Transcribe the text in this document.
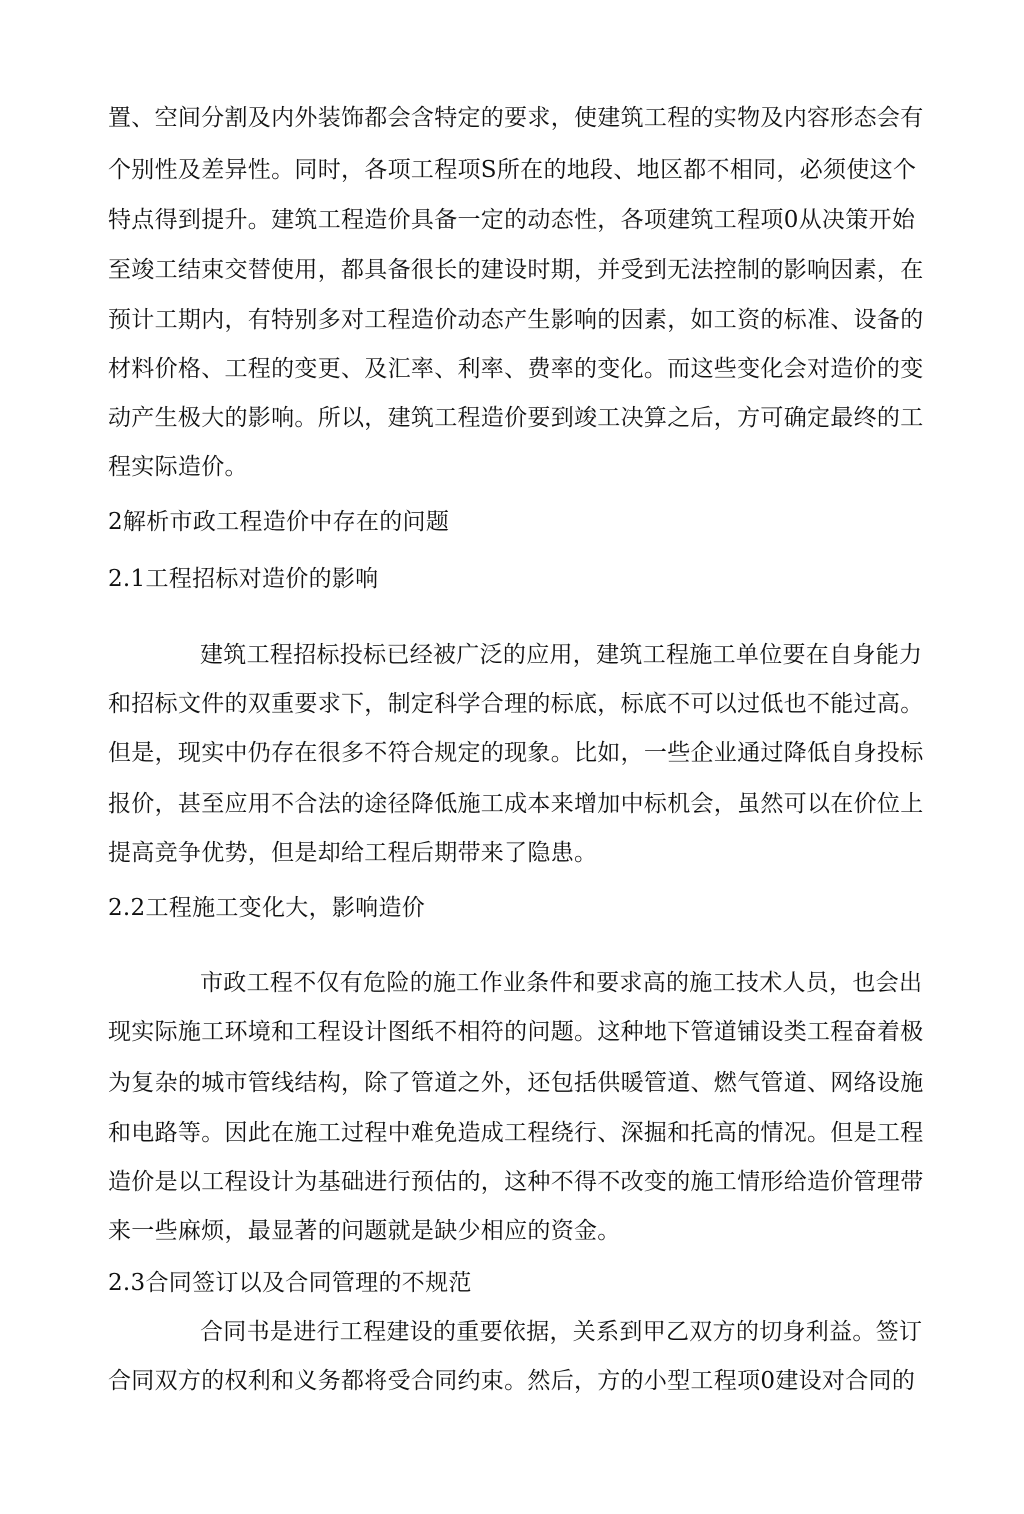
置、空间分割及内外装饰都会含特定的要求，使建筑工程的实物及内容形态会有
个别性及差异性。同时，各项工程项S所在的地段、地区都不相同，必须使这个
特点得到提升。建筑工程造价具备一定的动态性，各项建筑工程项0从决策开始
至竣工结束交替使用，都具备很长的建设时期，并受到无法控制的影响因素，在
预计工期内，有特别多对工程造价动态产生影响的因素，如工资的标准、设备的
材料价格、工程的变更、及汇率、利率、费率的变化。而这些变化会对造价的变
动产生极大的影响。所以，建筑工程造价要到竣工决算之后，方可确定最终的工
程实际造价。
2解析市政工程造价中存在的问题
2.1工程招标对造价的影响
建筑工程招标投标已经被广泛的应用，建筑工程施工单位要在自身能力
和招标文件的双重要求下，制定科学合理的标底，标底不可以过低也不能过高。
但是，现实中仍存在很多不符合规定的现象。比如，一些企业通过降低自身投标
报价，甚至应用不合法的途径降低施工成本来增加中标机会，虽然可以在价位上
提高竞争优势，但是却给工程后期带来了隐患。
2.2工程施工变化大，影响造价
市政工程不仅有危险的施工作业条件和要求高的施工技术人员，也会出
现实际施工环境和工程设计图纸不相符的问题。这种地下管道铺设类工程奋着极
为复杂的城市管线结构，除了管道之外，还包括供暖管道、燃气管道、网络设施
和电路等。因此在施工过程中难免造成工程绕行、深掘和托高的情况。但是工程
造价是以工程设计为基础进行预估的，这种不得不改变的施工情形给造价管理带
来一些麻烦，最显著的问题就是缺少相应的资金。
2.3合同签订以及合同管理的不规范
合同书是进行工程建设的重要依据，关系到甲乙双方的切身利益。签订
合同双方的权利和义务都将受合同约束。然后，方的小型工程项0建设对合同的
